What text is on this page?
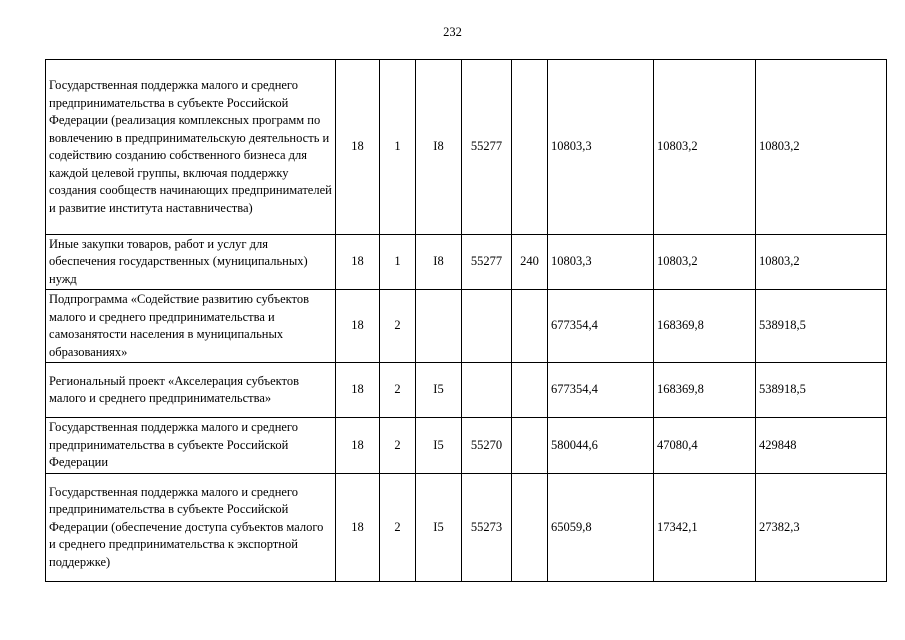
232
Государственная поддержка малого и среднего предпринимательства в субъекте Российской Федерации (реализация комплексных программ по вовлечению в предпринимательскую деятельность и содействию созданию собственного бизнеса для каждой целевой группы, включая поддержку создания сообществ начинающих предпринимателей и развитие института наставничества)	18	1	I8	55277		10803,3	10803,2	10803,2
Иные закупки товаров, работ и услуг для обеспечения государственных (муниципальных) нужд	18	1	I8	55277	240	10803,3	10803,2	10803,2
Подпрограмма «Содействие развитию субъектов малого и среднего предпринимательства и самозанятости населения в муниципальных образованиях»	18	2				677354,4	168369,8	538918,5
Региональный проект «Акселерация субъектов малого и среднего предпринимательства»	18	2	I5			677354,4	168369,8	538918,5
Государственная поддержка малого и среднего предпринимательства в субъекте Российской Федерации	18	2	I5	55270		580044,6	47080,4	429848
Государственная поддержка малого и среднего предпринимательства в субъекте Российской Федерации (обеспечение доступа субъектов малого и среднего предпринимательства к экспортной поддержке)	18	2	I5	55273		65059,8	17342,1	27382,3
